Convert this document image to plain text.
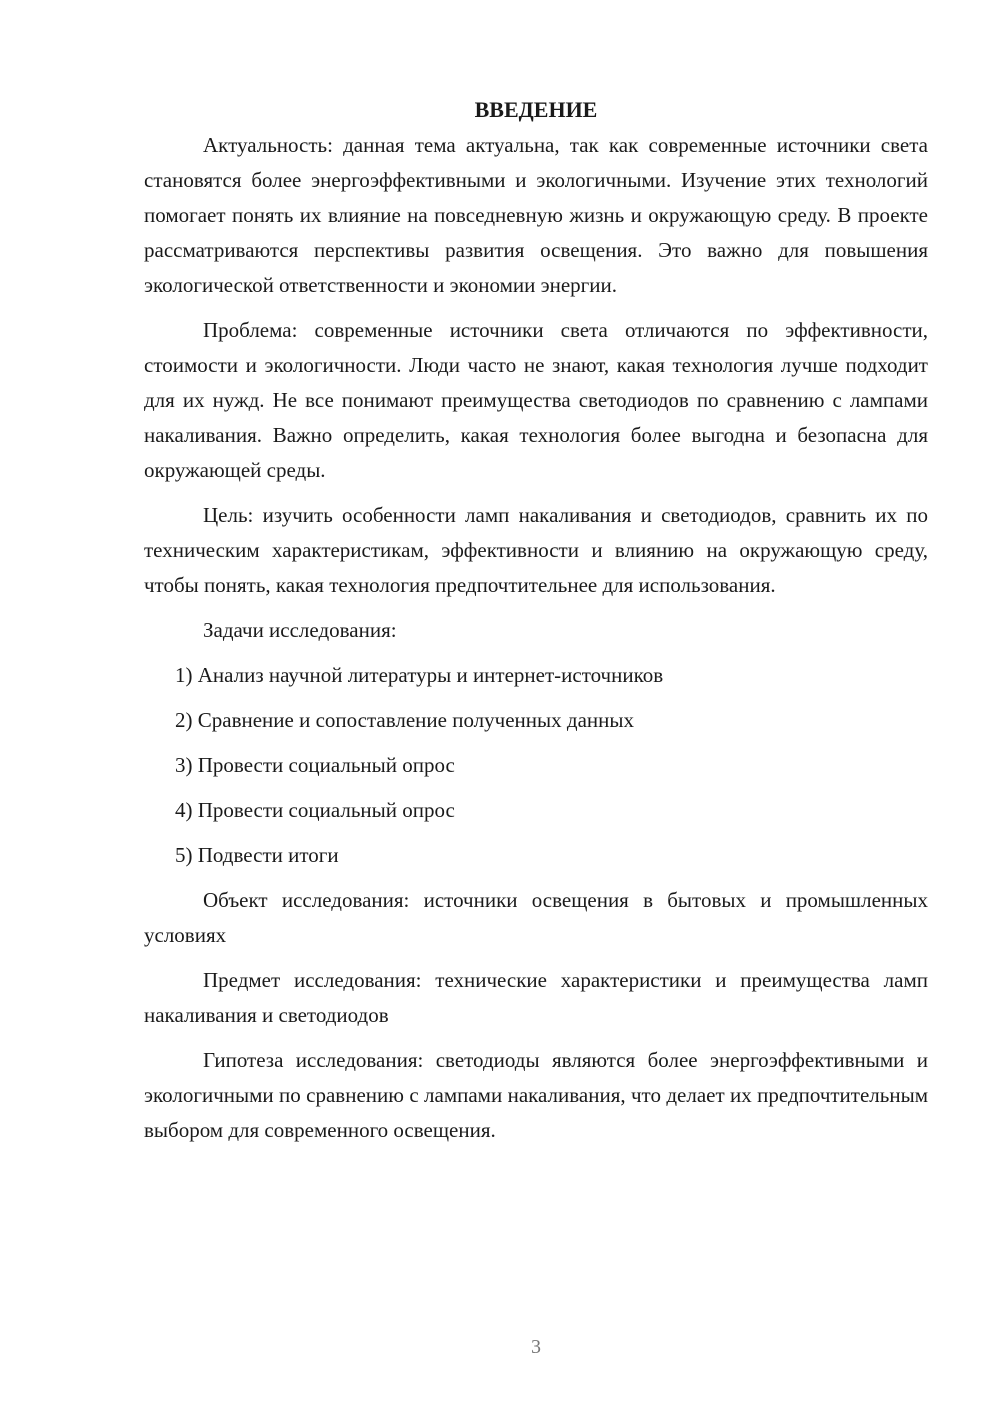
ВВЕДЕНИЕ

Актуальность: данная тема актуальна, так как современные источники света становятся более энергоэффективными и экологичными. Изучение этих технологий помогает понять их влияние на повседневную жизнь и окружающую среду. В проекте рассматриваются перспективы развития освещения. Это важно для повышения экологической ответственности и экономии энергии.

Проблема: современные источники света отличаются по эффективности, стоимости и экологичности. Люди часто не знают, какая технология лучше подходит для их нужд. Не все понимают преимущества светодиодов по сравнению с лампами накаливания. Важно определить, какая технология более выгодна и безопасна для окружающей среды.

Цель: изучить особенности ламп накаливания и светодиодов, сравнить их по техническим характеристикам, эффективности и влиянию на окружающую среду, чтобы понять, какая технология предпочтительнее для использования.

Задачи исследования:

1) Анализ научной литературы и интернет-источников

2) Сравнение и сопоставление полученных данных

3) Провести социальный опрос

4) Провести социальный опрос

5) Подвести итоги

Объект исследования: источники освещения в бытовых и промышленных условиях

Предмет исследования: технические характеристики и преимущества ламп накаливания и светодиодов

Гипотеза исследования: светодиоды являются более энергоэффективными и экологичными по сравнению с лампами накаливания, что делает их предпочтительным выбором для современного освещения.

3
